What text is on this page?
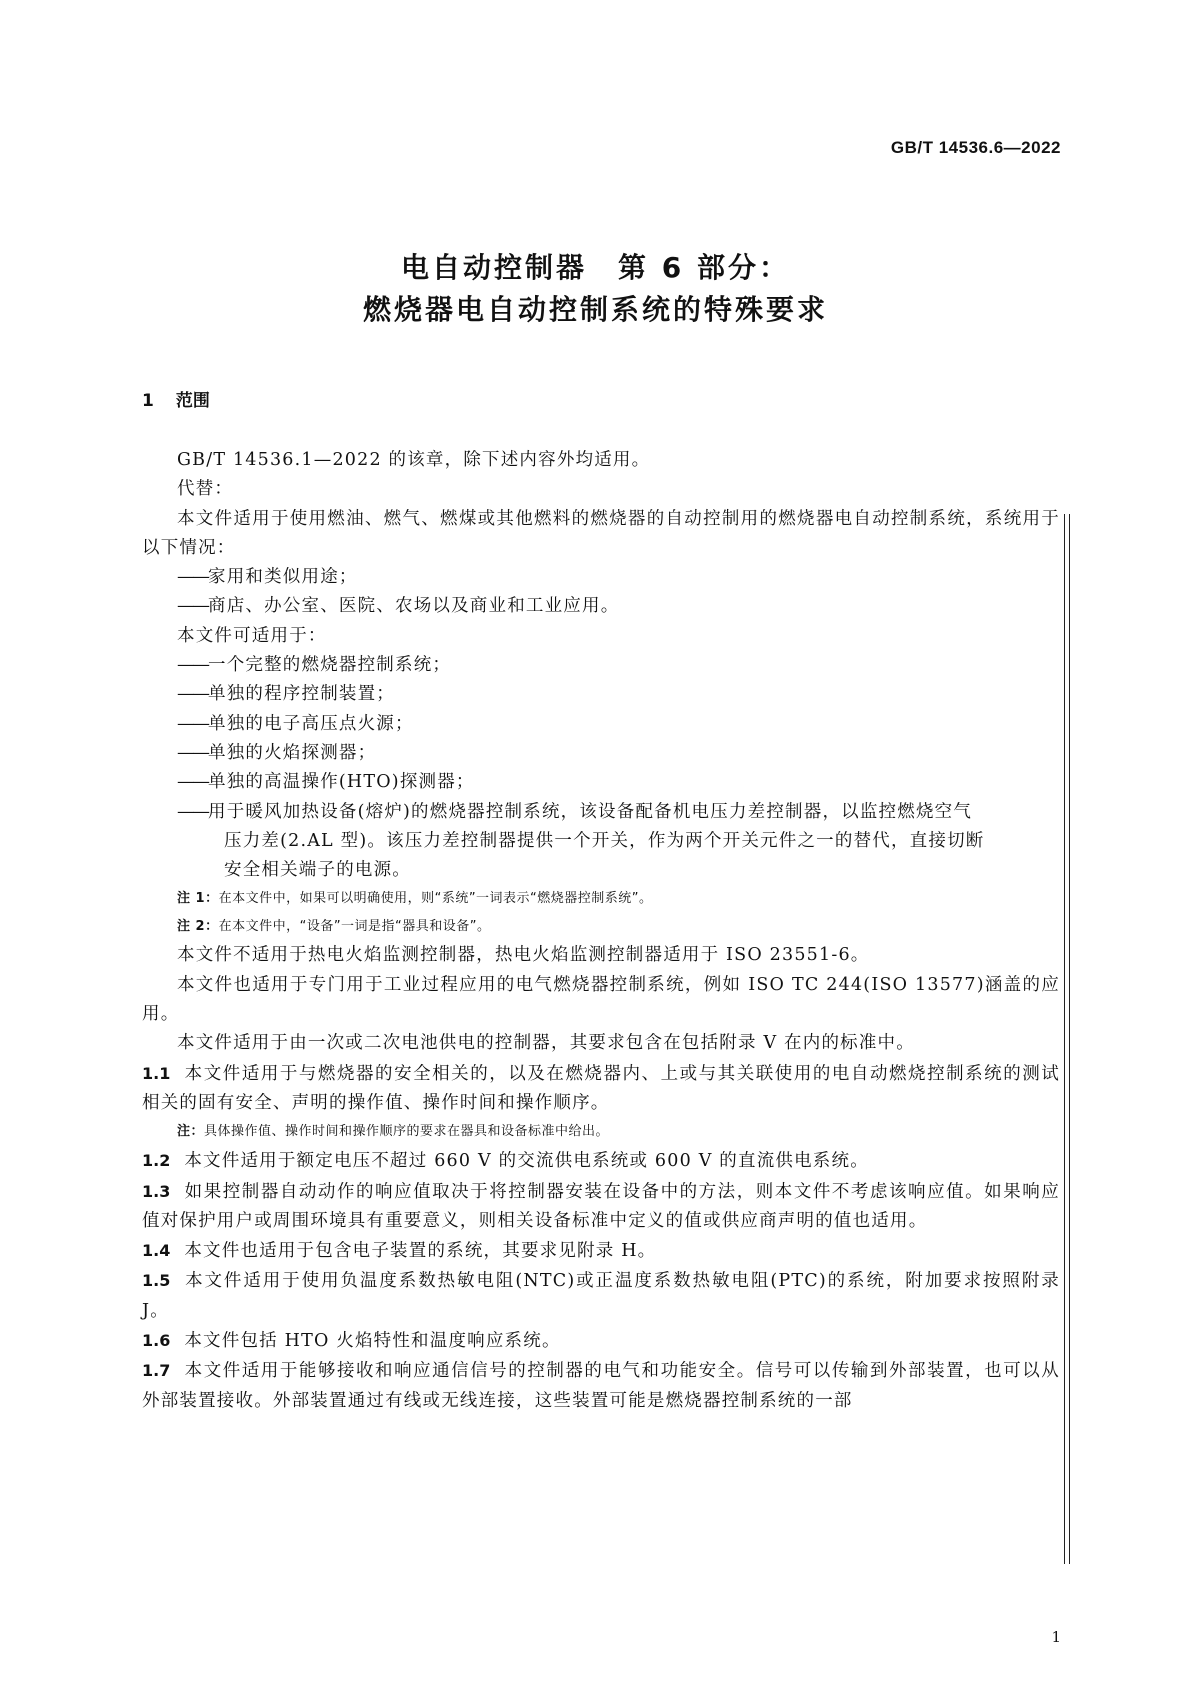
GB/T 14536.6—2022
电自动控制器　第 6 部分：
燃烧器电自动控制系统的特殊要求
1 范围

GB/T 14536.1—2022 的该章，除下述内容外均适用。

代替：

本文件适用于使用燃油、燃气、燃煤或其他燃料的燃烧器的自动控制用的燃烧器电自动控制系统，系统用于以下情况：

——家用和类似用途；

——商店、办公室、医院、农场以及商业和工业应用。

本文件可适用于：

——一个完整的燃烧器控制系统；

——单独的程序控制装置；

——单独的电子高压点火源；

——单独的火焰探测器；

——单独的高温操作(HTO)探测器；

——用于暖风加热设备(熔炉)的燃烧器控制系统，该设备配备机电压力差控制器，以监控燃烧空气

压力差(2.AL 型)。该压力差控制器提供一个开关，作为两个开关元件之一的替代，直接切断

安全相关端子的电源。

注 1：在本文件中，如果可以明确使用，则“系统”一词表示“燃烧器控制系统”。

注 2：在本文件中，“设备”一词是指“器具和设备”。

本文件不适用于热电火焰监测控制器，热电火焰监测控制器适用于 ISO 23551-6。

本文件也适用于专门用于工业过程应用的电气燃烧器控制系统，例如 ISO TC 244(ISO 13577)涵盖的应用。

本文件适用于由一次或二次电池供电的控制器，其要求包含在包括附录 V 在内的标准中。

1.1 本文件适用于与燃烧器的安全相关的，以及在燃烧器内、上或与其关联使用的电自动燃烧控制系统的测试相关的固有安全、声明的操作值、操作时间和操作顺序。

注：具体操作值、操作时间和操作顺序的要求在器具和设备标准中给出。

1.2 本文件适用于额定电压不超过 660 V 的交流供电系统或 600 V 的直流供电系统。

1.3 如果控制器自动动作的响应值取决于将控制器安装在设备中的方法，则本文件不考虑该响应值。如果响应值对保护用户或周围环境具有重要意义，则相关设备标准中定义的值或供应商声明的值也适用。

1.4 本文件也适用于包含电子装置的系统，其要求见附录 H。

1.5 本文件适用于使用负温度系数热敏电阻(NTC)或正温度系数热敏电阻(PTC)的系统，附加要求按照附录 J。

1.6 本文件包括 HTO 火焰特性和温度响应系统。

1.7 本文件适用于能够接收和响应通信信号的控制器的电气和功能安全。信号可以传输到外部装置，也可以从外部装置接收。外部装置通过有线或无线连接，这些装置可能是燃烧器控制系统的一部

1
